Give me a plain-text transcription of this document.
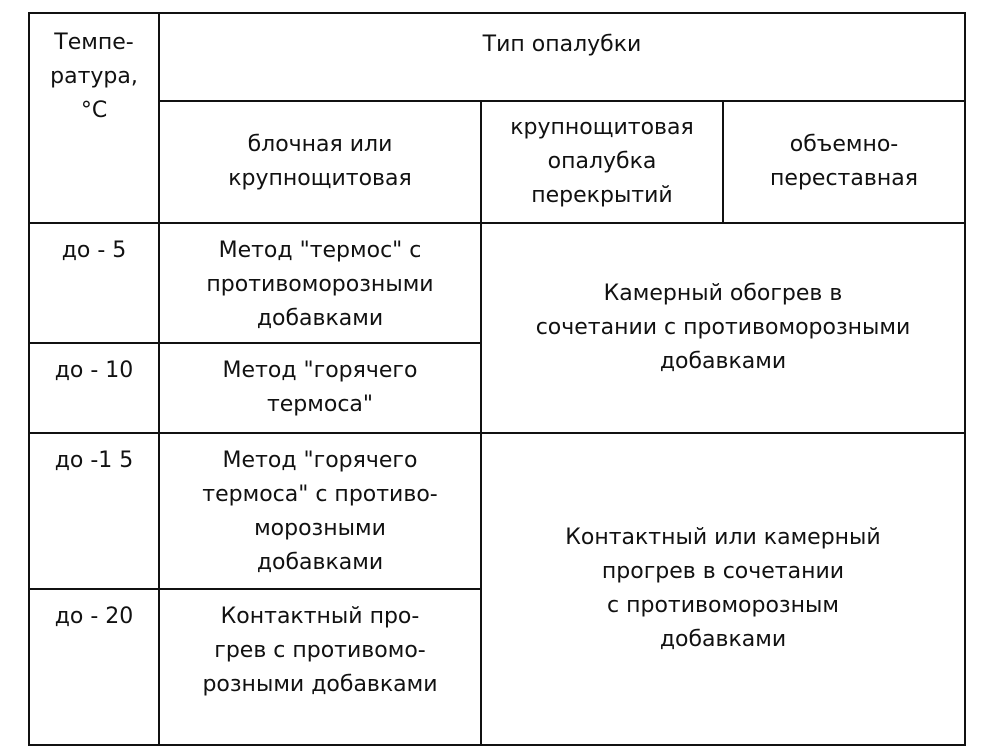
Темпе-
ратура,
°С	Тип опалубки		
	блочная или
крупнощитовая	крупнощитовая
опалубка
перекрытий	объемно-
переставная
до - 5	Метод "термос" с
противоморозными
добавками	Камерный обогрев в
сочетании с противоморозными
добавками	
до - 10	Метод "горячего
термоса"		
до -1 5	Метод "горячего
термоса" с противо-
морозными
добавками	Контактный или камерный
прогрев в сочетании
с противоморозным
добавками	
до - 20	Контактный про-
грев с противомо-
розными добавками		
